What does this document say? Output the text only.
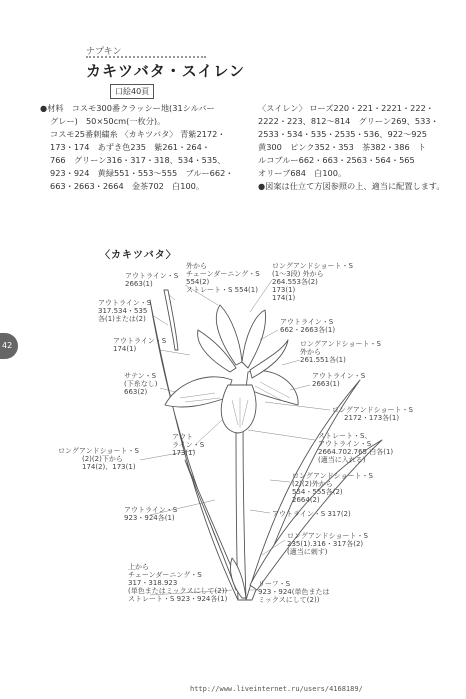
ナプキン
カキツバタ・スイレン
口絵40頁
●材料　コスモ300番クラッシー地(31シルバー
グレー)　50×50cm(一枚分)。
コスモ25番刺繍糸 〈カキツバタ〉 青紫2172・
173・174　あずき色235　紫261・264・
766　グリーン316・317・318、534・535、
923・924　黄緑551・553～555　ブルー662・
663・2663・2664　金茶702　白100。
〈スイレン〉 ローズ220・221・2221・222・
2222・223、812～814　グリーン269、533・
2533・534・535・2535・536、922～925
黄300　ピンク352・353　茶382・386　ト
ルコブルー662・663・2563・564・565
オリーブ684　白100。
●図案は仕立て方図参照の上、適当に配置します。
〈カキツバタ〉
42
外から
チェーンダーニング・S
554(2)
ストレート・S 554(1)
アウトライン・S
2663(1)
アウトライン・S
317.534・535
各(1)または(2)
アウトライン・S
174(1)
サテン・S
(下糸なし)
663(2)
アウト
ライン・S
173(1)
ロングアンドショート・S
(2)(2)下から
174(2)、173(1)
アウトライン・S
923・924各(1)
上から
チェーンダーニング・S
317・318.923
(単色またはミックスにして(2))
ストレート・S 923・924各(1)
ロングアンドショート・S
(1～3段) 外から
264.553各(2)
173(1)
174(1)
アウトライン・S
662・2663各(1)
ロングアンドショート・S
外から
261.551各(1)
アウトライン・S
2663(1)
ロングアンドショート・S
2172・173各(1)
ストレート・S、
アウトライン・S
2664.702.765.白各(1)
(適当に入れる)
ロングアンドショート・S
(2)(2)外から
554・555各(2)
2664(2)
アウトライン・S 317(2)
ロングアンドショート・S
235(1).316・317各(2)
(適当に刺す)
リーフ・S
923・924(単色または
ミックスにして(2))
http://www.liveinternet.ru/users/4168189/
